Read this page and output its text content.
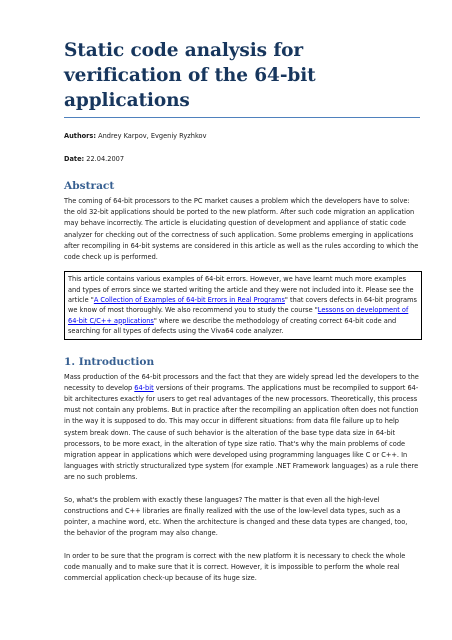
Static code analysis for verification of the 64-bit applications
Authors: Andrey Karpov, Evgeniy Ryzhkov
Date: 22.04.2007
Abstract

The coming of 64-bit processors to the PC market causes a problem which the developers have to solve: the old 32-bit applications should be ported to the new platform. After such code migration an application may behave incorrectly. The article is elucidating question of development and appliance of static code analyzer for checking out of the correctness of such application. Some problems emerging in applications after recompiling in 64-bit systems are considered in this article as well as the rules according to which the code check up is performed.

This article contains various examples of 64-bit errors. However, we have learnt much more examples and types of errors since we started writing the article and they were not included into it. Please see the article "A Collection of Examples of 64-bit Errors in Real Programs" that covers defects in 64-bit programs we know of most thoroughly. We also recommend you to study the course "Lessons on development of 64-bit C/C++ applications" where we describe the methodology of creating correct 64-bit code and searching for all types of defects using the Viva64 code analyzer.

1. Introduction

Mass production of the 64-bit processors and the fact that they are widely spread led the developers to the necessity to develop 64-bit versions of their programs. The applications must be recompiled to support 64-bit architectures exactly for users to get real advantages of the new processors. Theoretically, this process must not contain any problems. But in practice after the recompiling an application often does not function in the way it is supposed to do. This may occur in different situations: from data file failure up to help system break down. The cause of such behavior is the alteration of the base type data size in 64-bit processors, to be more exact, in the alteration of type size ratio. That's why the main problems of code migration appear in applications which were developed using programming languages like C or C++. In languages with strictly structuralized type system (for example .NET Framework languages) as a rule there are no such problems.

So, what's the problem with exactly these languages? The matter is that even all the high-level constructions and C++ libraries are finally realized with the use of the low-level data types, such as a pointer, a machine word, etc. When the architecture is changed and these data types are changed, too, the behavior of the program may also change.

In order to be sure that the program is correct with the new platform it is necessary to check the whole code manually and to make sure that it is correct. However, it is impossible to perform the whole real commercial application check-up because of its huge size.
